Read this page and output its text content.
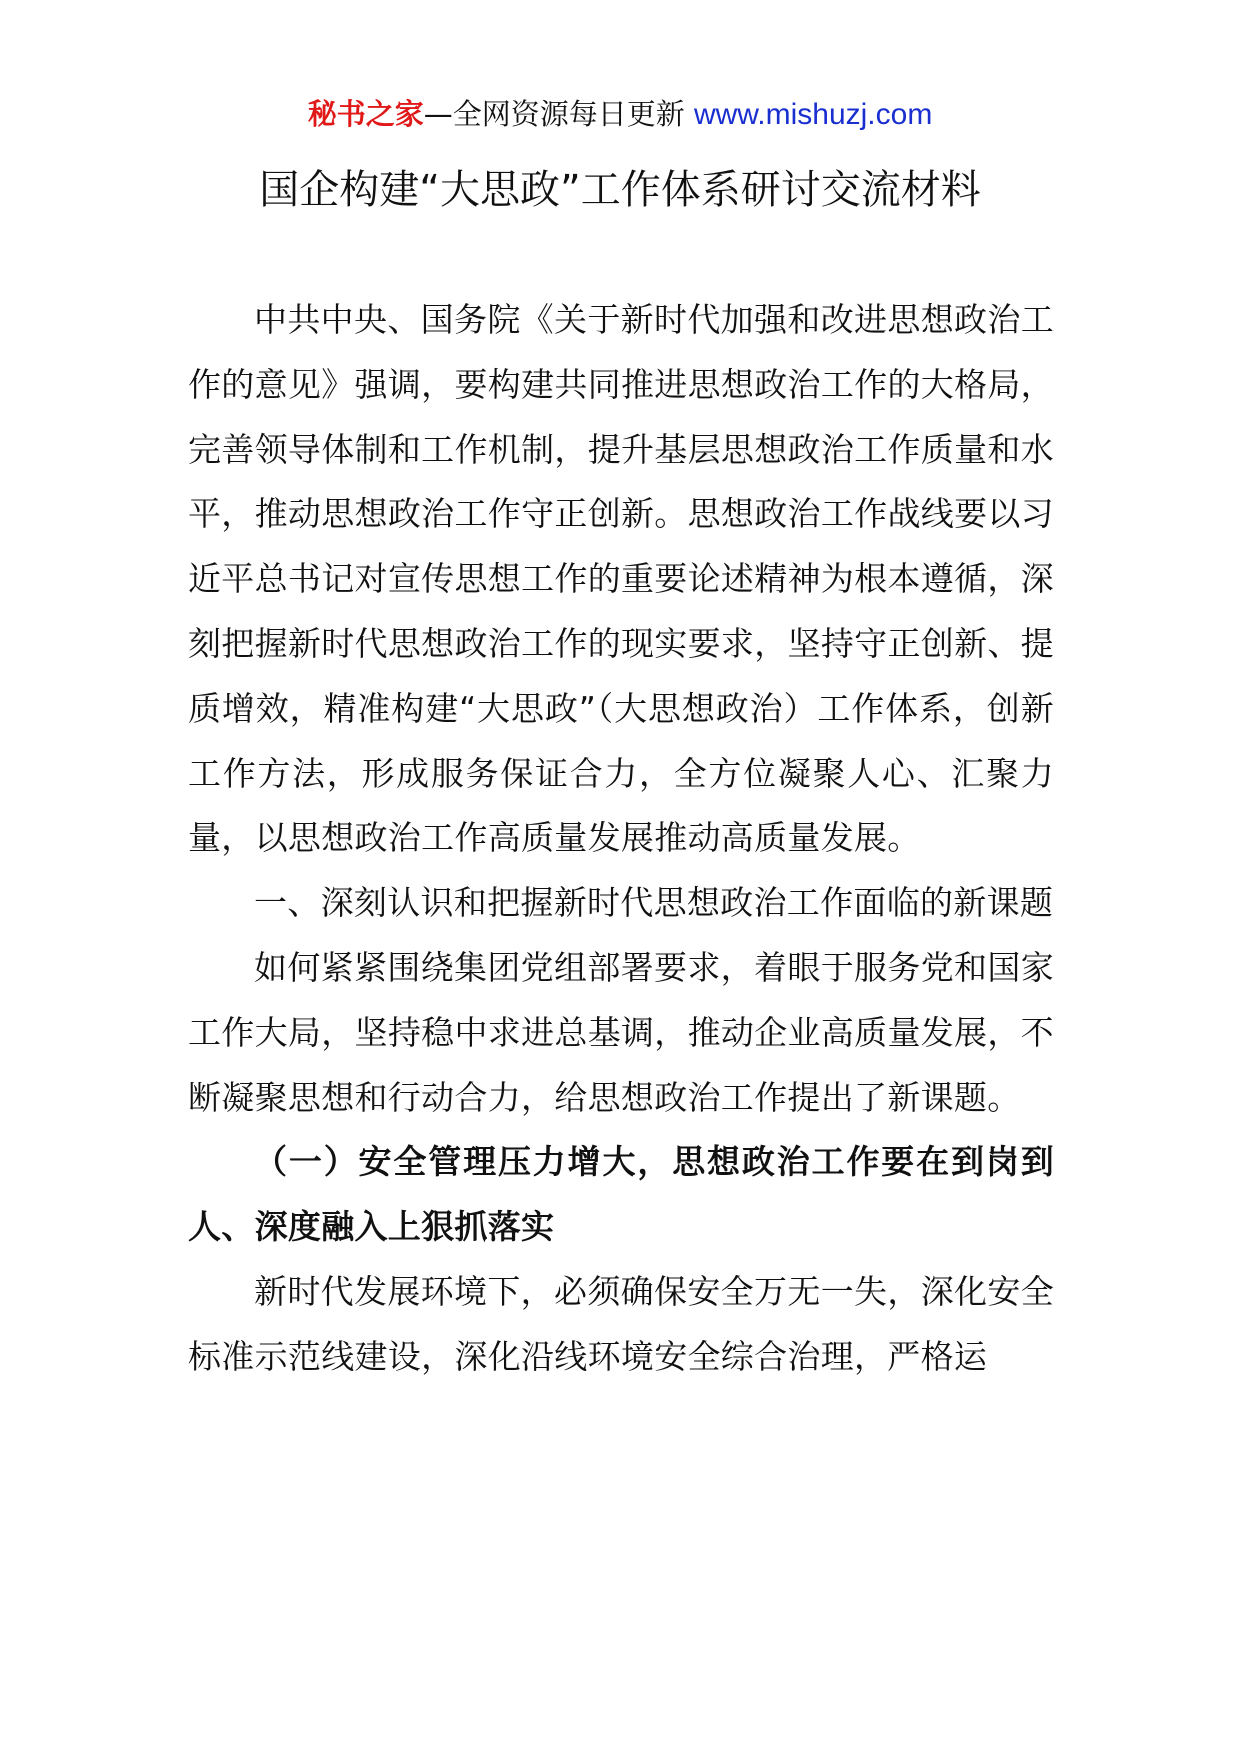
秘书之家—全网资源每日更新 www.mishuzj.com
国企构建“大思政”工作体系研讨交流材料

中共中央、国务院《关于新时代加强和改进思想政治工作的意见》强调，要构建共同推进思想政治工作的大格局，完善领导体制和工作机制，提升基层思想政治工作质量和水平，推动思想政治工作守正创新。思想政治工作战线要以习近平总书记对宣传思想工作的重要论述精神为根本遵循，深刻把握新时代思想政治工作的现实要求，坚持守正创新、提质增效，精准构建“大思政”（大思想政治）工作体系，创新工作方法，形成服务保证合力，全方位凝聚人心、汇聚力量，以思想政治工作高质量发展推动高质量发展。

一、深刻认识和把握新时代思想政治工作面临的新课题

如何紧紧围绕集团党组部署要求，着眼于服务党和国家工作大局，坚持稳中求进总基调，推动企业高质量发展，不断凝聚思想和行动合力，给思想政治工作提出了新课题。

（一）安全管理压力增大，思想政治工作要在到岗到人、深度融入上狠抓落实

新时代发展环境下，必须确保安全万无一失，深化安全标准示范线建设，深化沿线环境安全综合治理，严格运
